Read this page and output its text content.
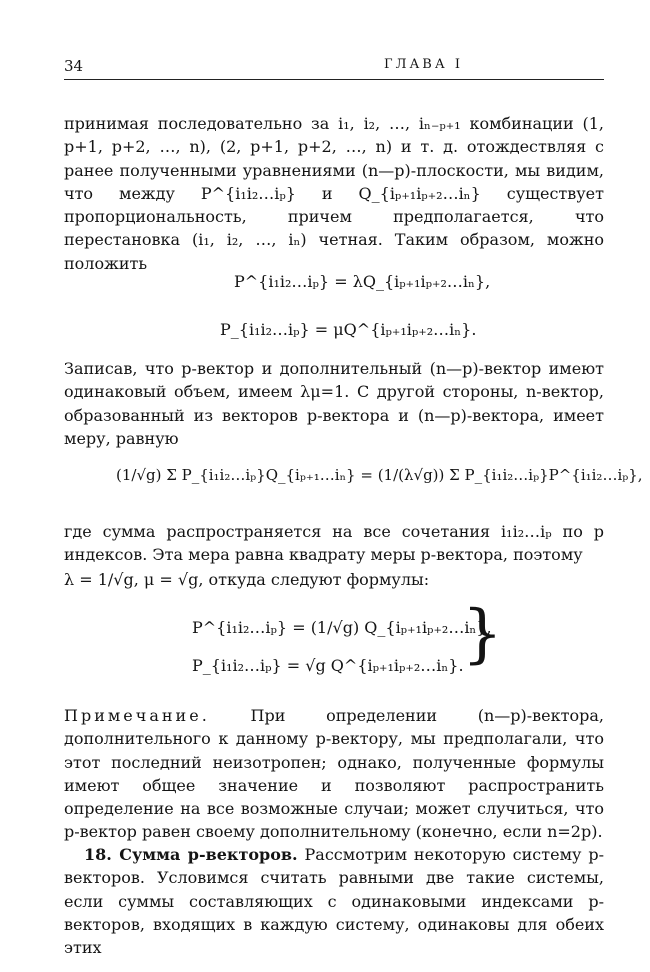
34	ГЛАВА I

принимая последовательно за i₁, i₂, …, iₙ₋ₚ₊₁ комбинации (1, p+1, p+2, …, n), (2, p+1, p+2, …, n) и т. д. отождествляя с ранее полученными уравнениями (n—p)-плоскости, мы видим, что между P^{i₁i₂…iₚ} и Q_{iₚ₊₁iₚ₊₂…iₙ} существует пропорциональность, причем предполагается, что перестановка (i₁, i₂, …, iₙ) четная. Таким образом, можно положить

P^{i₁i₂…iₚ} = λQ_{iₚ₊₁iₚ₊₂…iₙ},
P_{i₁i₂…iₚ} = μQ^{iₚ₊₁iₚ₊₂…iₙ}.

Записав, что p-вектор и дополнительный (n—p)-вектор имеют одинаковый объем, имеем λμ=1. С другой стороны, n-вектор, образованный из векторов p-вектора и (n—p)-вектора, имеет меру, равную

(1/√g) Σ P_{i₁i₂…iₚ}Q_{iₚ₊₁…iₙ} = (1/(λ√g)) Σ P_{i₁i₂…iₚ}P^{i₁i₂…iₚ},

где сумма распространяется на все сочетания i₁i₂…iₚ по p индексов. Эта мера равна квадрату меры p-вектора, поэтому

λ = 1/√g, μ = √g, откуда следуют формулы:
P^{i₁i₂…iₚ} = (1/√g) Q_{iₚ₊₁iₚ₊₂…iₙ},
P_{i₁i₂…iₚ} = √g Q^{iₚ₊₁iₚ₊₂…iₙ}.
}

Примечание.	При определении (n—p)-вектора, дополнительного к данному p-вектору, мы предполагали, что этот последний неизотропен; однако, полученные формулы имеют общее значение и позволяют распространить определение на все возможные случаи; может случиться, что p-вектор равен своему дополнительному (конечно, если n=2p).

18. Сумма p-векторов. Рассмотрим некоторую систему p-векторов. Условимся считать равными две такие системы, если суммы составляющих с одинаковыми индексами p-векторов, входящих в каждую систему, одинаковы для обеих этих
